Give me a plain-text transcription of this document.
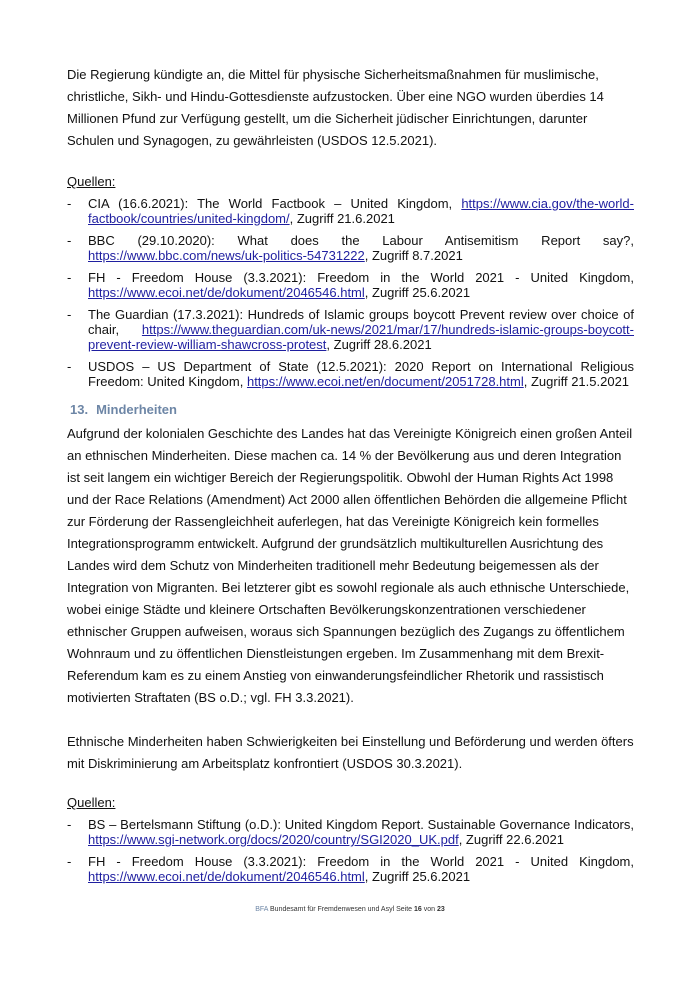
Die Regierung kündigte an, die Mittel für physische Sicherheitsmaßnahmen für muslimische, christliche, Sikh- und Hindu-Gottesdienste aufzustocken. Über eine NGO wurden überdies 14 Millionen Pfund zur Verfügung gestellt, um die Sicherheit jüdischer Einrichtungen, darunter Schulen und Synagogen, zu gewährleisten (USDOS 12.5.2021).

Quellen:

- CIA (16.6.2021): The World Factbook – United Kingdom, https://www.cia.gov/the-world-factbook/countries/united-kingdom/, Zugriff 21.6.2021
- BBC (29.10.2020): What does the Labour Antisemitism Report say?, https://www.bbc.com/news/uk-politics-54731222, Zugriff 8.7.2021
- FH - Freedom House (3.3.2021): Freedom in the World 2021 - United Kingdom, https://www.ecoi.net/de/dokument/2046546.html, Zugriff 25.6.2021
- The Guardian (17.3.2021): Hundreds of Islamic groups boycott Prevent review over choice of chair, https://www.theguardian.com/uk-news/2021/mar/17/hundreds-islamic-groups-boycott-prevent-review-william-shawcross-protest, Zugriff 28.6.2021
- USDOS – US Department of State (12.5.2021): 2020 Report on International Religious Freedom: United Kingdom, https://www.ecoi.net/en/document/2051728.html, Zugriff 21.5.2021
13. Minderheiten

Aufgrund der kolonialen Geschichte des Landes hat das Vereinigte Königreich einen großen Anteil an ethnischen Minderheiten. Diese machen ca. 14 % der Bevölkerung aus und deren Integration ist seit langem ein wichtiger Bereich der Regierungspolitik. Obwohl der Human Rights Act 1998 und der Race Relations (Amendment) Act 2000 allen öffentlichen Behörden die allgemeine Pflicht zur Förderung der Rassengleichheit auferlegen, hat das Vereinigte Königreich kein formelles Integrationsprogramm entwickelt. Aufgrund der grundsätzlich multikulturellen Ausrichtung des Landes wird dem Schutz von Minderheiten traditionell mehr Bedeutung beigemessen als der Integration von Migranten. Bei letzterer gibt es sowohl regionale als auch ethnische Unterschiede, wobei einige Städte und kleinere Ortschaften Bevölkerungskonzentrationen verschiedener ethnischer Gruppen aufweisen, woraus sich Spannungen bezüglich des Zugangs zu öffentlichem Wohnraum und zu öffentlichen Dienstleistungen ergeben. Im Zusammenhang mit dem Brexit-Referendum kam es zu einem Anstieg von einwanderungsfeindlicher Rhetorik und rassistisch motivierten Straftaten (BS o.D.; vgl. FH 3.3.2021).

Ethnische Minderheiten haben Schwierigkeiten bei Einstellung und Beförderung und werden öfters mit Diskriminierung am Arbeitsplatz konfrontiert (USDOS 30.3.2021).

Quellen:

- BS – Bertelsmann Stiftung (o.D.): United Kingdom Report. Sustainable Governance Indicators, https://www.sgi-network.org/docs/2020/country/SGI2020_UK.pdf, Zugriff 22.6.2021
- FH - Freedom House (3.3.2021): Freedom in the World 2021 - United Kingdom, https://www.ecoi.net/de/dokument/2046546.html, Zugriff 25.6.2021
BFA Bundesamt für Fremdenwesen und Asyl Seite 16 von 23
